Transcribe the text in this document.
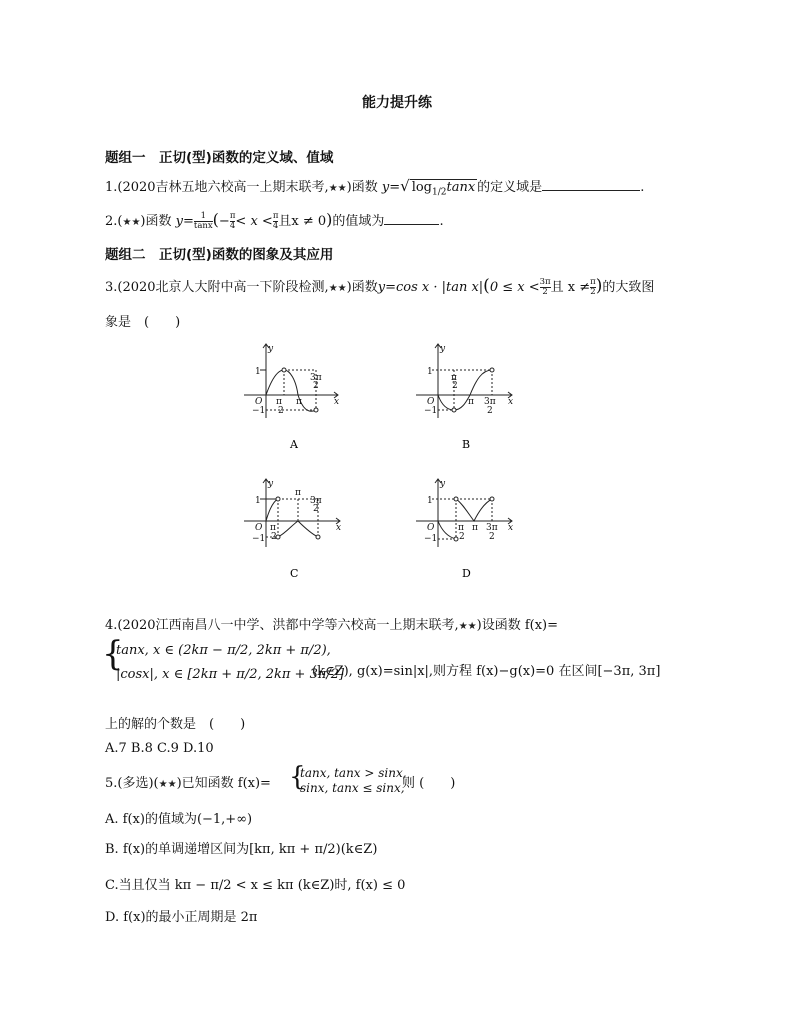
能力提升练
题组一　正切(型)函数的定义域、值域
1.(2020吉林五地六校高一上期末联考,★★)函数 y=√ $\log_{1/2}\tan x$ 的定义域是	.
2.(★★)函数 $y= \frac{1}{\tan x}$ (− $\frac{\pi}{4} < x < \frac{\pi}{4}$ 且x ≠ 0)的值域为	.
题组二　正切(型)函数的图象及其应用
3.(2020北京人大附中高一下阶段检测,★★)函数y=cos x · |tan $x|(0 \le x < \frac{3\pi}{2}$ 且 $x \ne \frac{\pi}{2}$ )的大致图
象是　(　　)
y
x
O
1
−1
π
2
π
3π
2
A
y
x
O
1
−1
π
2
π 3π
2
B
y
x
O
1
−1
π
2
π
3π
2
C
y
x
O
1
−1
π
2
π 3π
2
D
4.(2020江西南昌八一中学、洪都中学等六校高一上期末联考,★★)设函数 f(x)=
{
tanx, x ∈ (2kπ − π/2, 2kπ + π/2),
|cosx|, x ∈ [2kπ + π/2, 2kπ + 3π/2]
(k∈Z), g(x)=sin|x|,则方程 f(x)−g(x)=0 在区间[−3π, 3π]
上的解的个数是　(　　)
A.7 B.8 C.9 D.10
5.(多选)(★★)已知函数 f(x)= {
tanx, tanx > sinx,
sinx, tanx ≤ sinx,
则 (　　)
A. f(x)的值域为(−1,+∞)
B. f(x)的单调递增区间为[kπ, kπ + π/2)(k∈Z)
C.当且仅当 kπ − π/2 < x ≤ kπ (k∈Z)时, f(x) ≤ 0
D. f(x)的最小正周期是 2π
